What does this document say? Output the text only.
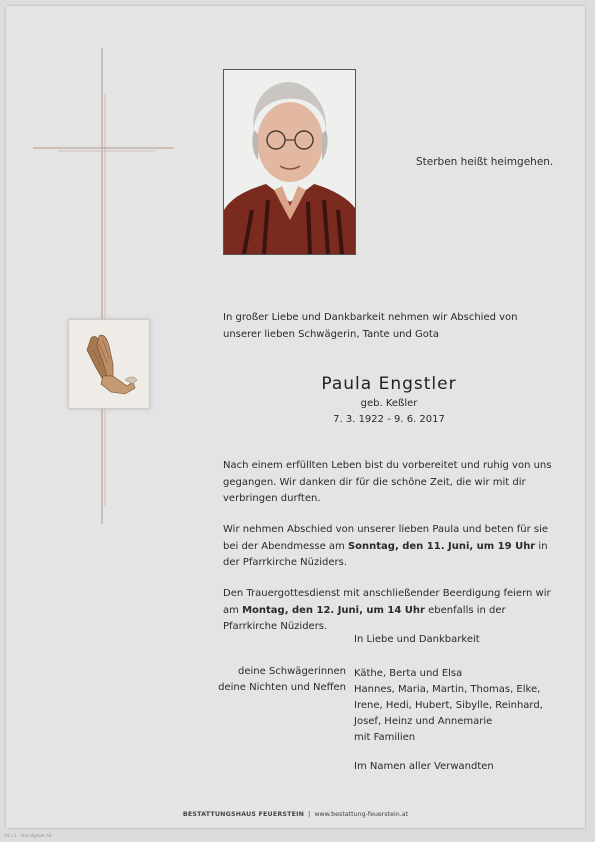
Sterben heißt heimgehen.
In großer Liebe und Dankbarkeit nehmen wir Abschied von unserer lieben Schwägerin, Tante und Gota
Paula Engstler
geb. Keßler
7. 3. 1922 - 9. 6. 2017
Nach einem erfüllten Leben bist du vorbereitet und ruhig von uns gegangen. Wir danken dir für die schöne Zeit, die wir mit dir verbringen durften.
Wir nehmen Abschied von unserer lieben Paula und beten für sie bei der Abendmesse am Sonntag, den 11. Juni, um 19 Uhr in der Pfarrkirche Nüziders.
Den Trauergottesdienst mit anschließender Beerdigung feiern wir am Montag, den 12. Juni, um 14 Uhr ebenfalls in der Pfarrkirche Nüziders.
In Liebe und Dankbarkeit
deine Schwägerinnen
deine Nichten und Neffen
Käthe, Berta und Elsa
Hannes, Maria, Martin, Thomas, Elke,
Irene, Hedi, Hubert, Sibylle, Reinhard,
Josef, Heinz und Annemarie
mit Familien
Im Namen aller Verwandten
BESTATTUNGSHAUS FEUERSTEIN | www.bestattung-feuerstein.at
A4 s 1 - Abendgebet A4
